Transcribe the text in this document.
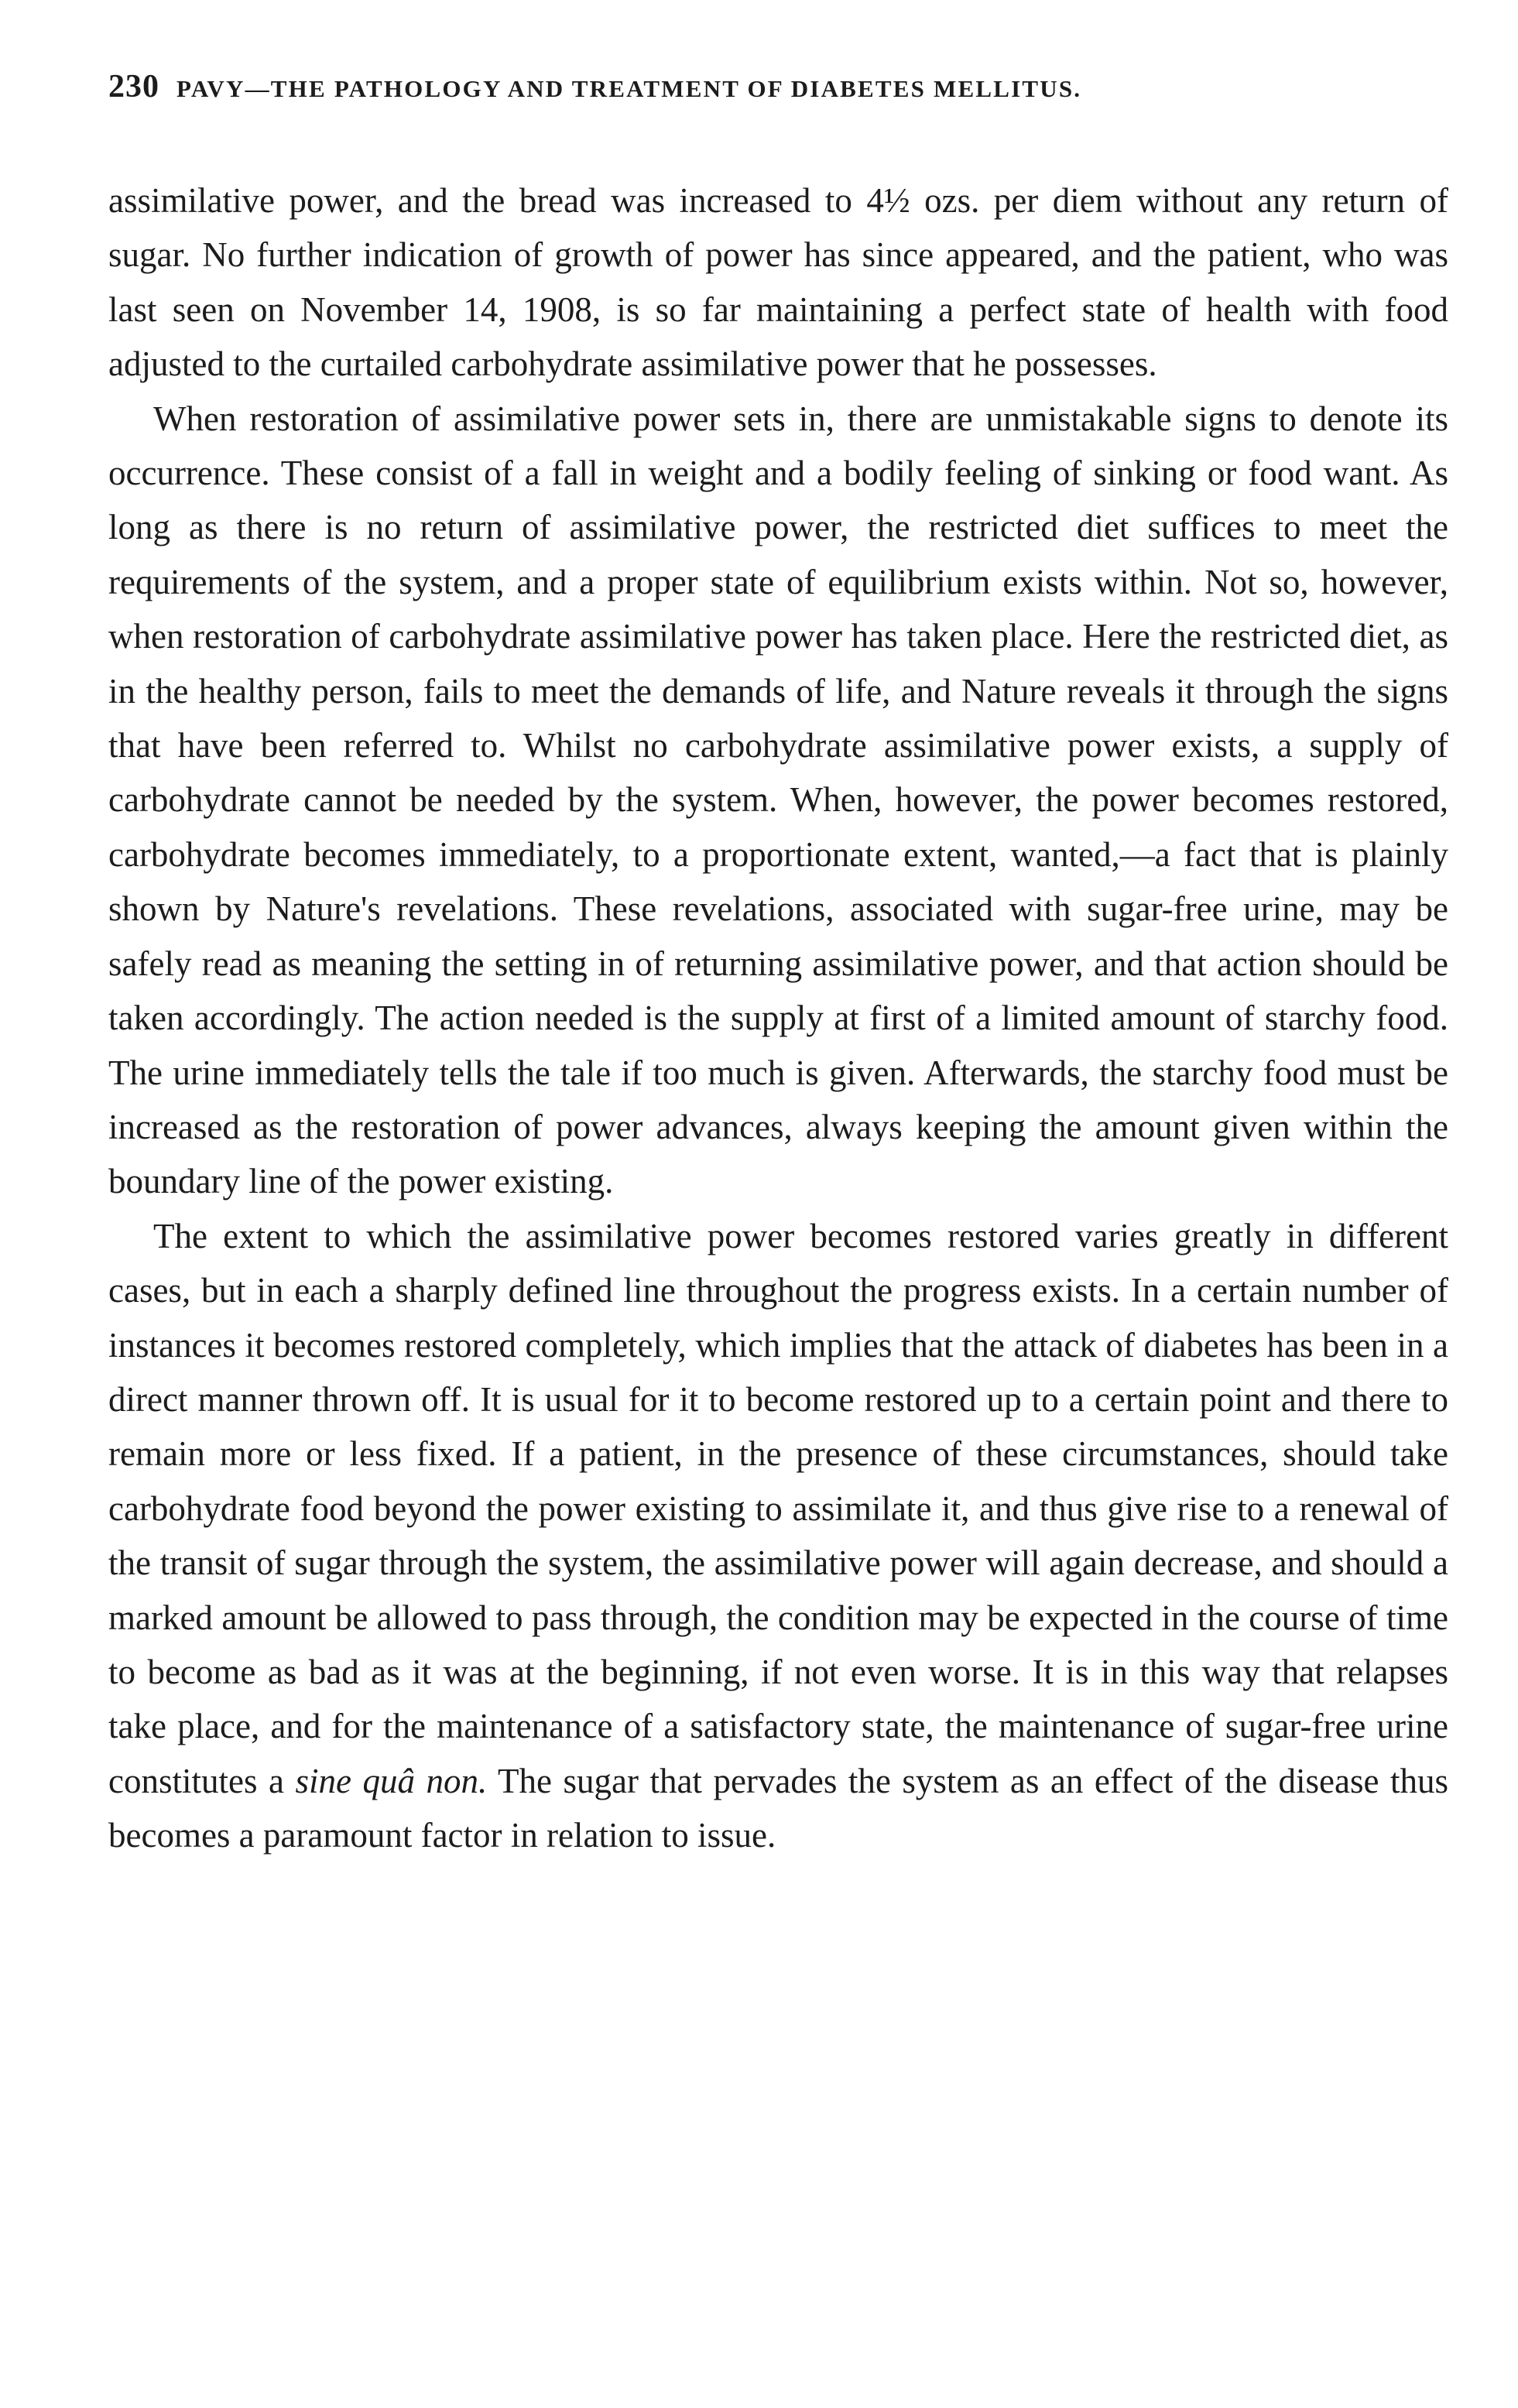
230 PAVY—THE PATHOLOGY AND TREATMENT OF DIABETES MELLITUS.

assimilative power, and the bread was increased to 4½ ozs. per diem without any return of sugar. No further indication of growth of power has since appeared, and the patient, who was last seen on November 14, 1908, is so far maintaining a perfect state of health with food adjusted to the curtailed carbohydrate assimilative power that he possesses.

When restoration of assimilative power sets in, there are unmistakable signs to denote its occurrence. These consist of a fall in weight and a bodily feeling of sinking or food want. As long as there is no return of assimilative power, the restricted diet suffices to meet the requirements of the system, and a proper state of equilibrium exists within. Not so, however, when restoration of carbohydrate assimilative power has taken place. Here the restricted diet, as in the healthy person, fails to meet the demands of life, and Nature reveals it through the signs that have been referred to. Whilst no carbohydrate assimilative power exists, a supply of carbohydrate cannot be needed by the system. When, however, the power becomes restored, carbohydrate becomes immediately, to a proportionate extent, wanted,—a fact that is plainly shown by Nature's revelations. These revelations, associated with sugar-free urine, may be safely read as meaning the setting in of returning assimilative power, and that action should be taken accordingly. The action needed is the supply at first of a limited amount of starchy food. The urine immediately tells the tale if too much is given. Afterwards, the starchy food must be increased as the restoration of power advances, always keeping the amount given within the boundary line of the power existing.

The extent to which the assimilative power becomes restored varies greatly in different cases, but in each a sharply defined line throughout the progress exists. In a certain number of instances it becomes restored completely, which implies that the attack of diabetes has been in a direct manner thrown off. It is usual for it to become restored up to a certain point and there to remain more or less fixed. If a patient, in the presence of these circumstances, should take carbohydrate food beyond the power existing to assimilate it, and thus give rise to a renewal of the transit of sugar through the system, the assimilative power will again decrease, and should a marked amount be allowed to pass through, the condition may be expected in the course of time to become as bad as it was at the beginning, if not even worse. It is in this way that relapses take place, and for the maintenance of a satisfactory state, the maintenance of sugar-free urine constitutes a sine quâ non. The sugar that pervades the system as an effect of the disease thus becomes a paramount factor in relation to issue.
